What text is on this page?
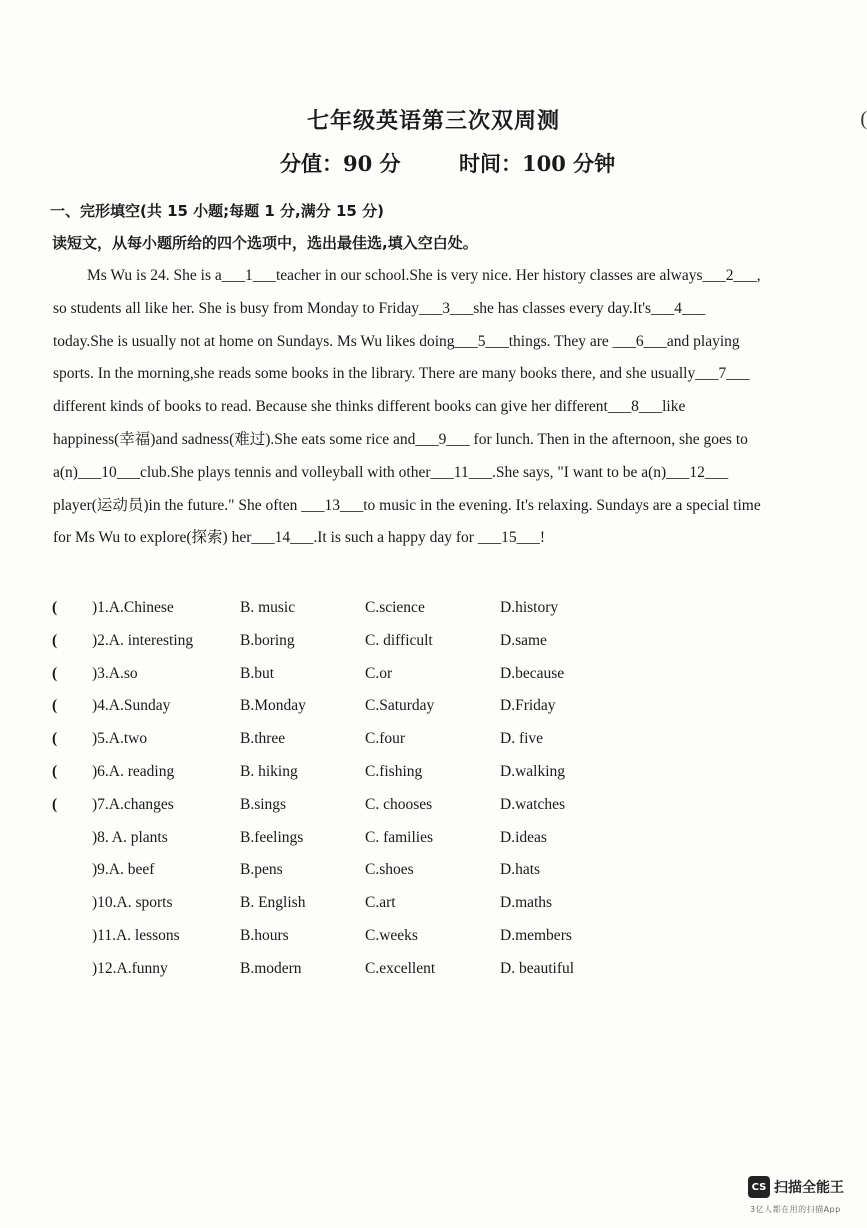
七年级英语第三次双周测
分值：90 分        时间：100 分钟
(
一、完形填空(共 15 小题;每题 1 分,满分 15 分)
读短文，从每小题所给的四个选项中，选出最佳选,填入空白处。
Ms Wu is 24. She is a___1___teacher in our school.She is very nice. Her history classes are always___2___,
so students all like her. She is busy from Monday to Friday___3___she has classes every day.It's___4___
today.She is usually not at home on Sundays. Ms Wu likes doing___5___things. They are ___6___and playing
sports. In the morning,she reads some books in the library. There are many books there, and she usually___7___
different kinds of books to read. Because she thinks different books can give her different___8___like
happiness(幸福)and sadness(难过).She eats some rice and___9___ for lunch. Then in the afternoon, she goes to
a(n)___10___club.She plays tennis and volleyball with other___11___.She says, "I want to be a(n)___12___
player(运动员)in the future." She often ___13___to music in the evening. It's relaxing. Sundays are a special time
for Ms Wu to explore(探索) her___14___.It is such a happy day for ___15___!
( )1.A.Chinese	B. music	C.science	D.history
( )2.A. interesting	B.boring	C. difficult	D.same
( )3.A.so	B.but	C.or	D.because
( )4.A.Sunday	B.Monday	C.Saturday	D.Friday
( )5.A.two	B.three	C.four	D. five
( )6.A. reading	B. hiking	C.fishing	D.walking
( )7.A.changes	B.sings	C. chooses	D.watches
)8. A. plants	B.feelings	C. families	D.ideas
)9.A. beef	B.pens	C.shoes	D.hats
)10.A. sports	B. English	C.art	D.maths
)11.A. lessons	B.hours	C.weeks	D.members
)12.A.funny	B.modern	C.excellent	D. beautiful
CS 扫描全能王
3亿人都在用的扫描App
